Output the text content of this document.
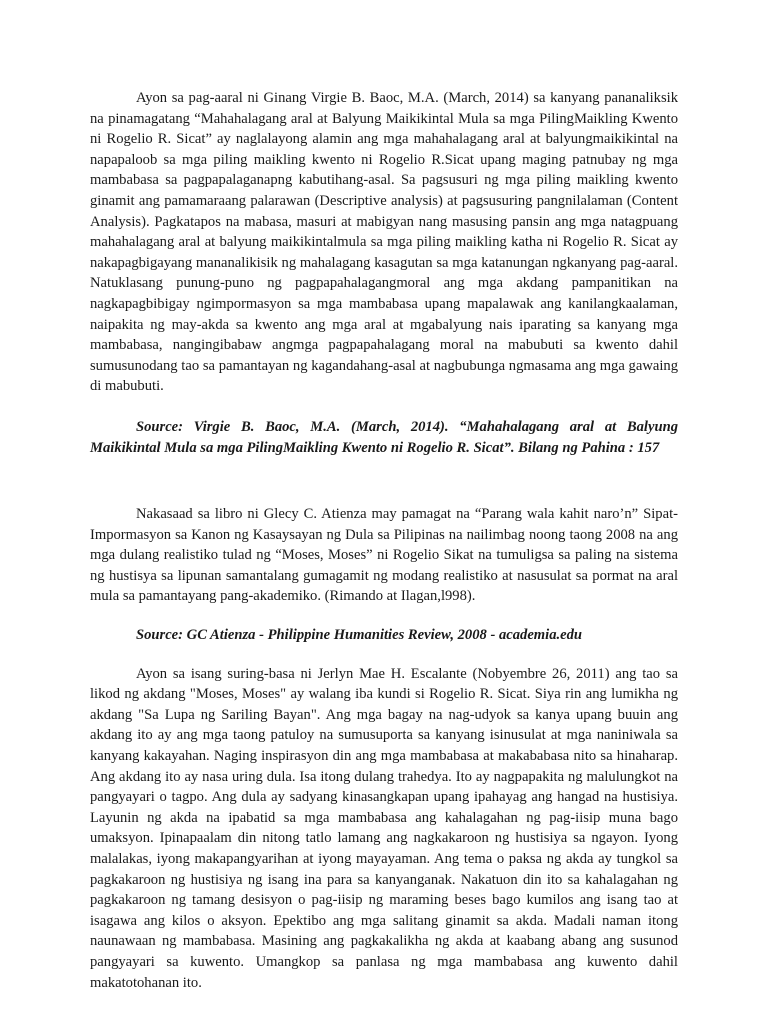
Ayon sa pag-aaral ni Ginang Virgie B. Baoc, M.A. (March, 2014) sa kanyang pananaliksik na pinamagatang “Mahahalagang aral at Balyung Maikikintal Mula sa mga PilingMaikling Kwento ni Rogelio R. Sicat” ay naglalayong alamin ang mga mahahalagang aral at balyungmaikikintal na napapaloob sa mga piling maikling kwento ni Rogelio R.Sicat upang maging patnubay ng mga mambabasa sa pagpapalaganapng kabutihang-asal. Sa pagsusuri ng mga piling maikling kwento ginamit ang pamamaraang palarawan (Descriptive analysis) at pagsusuring pangnilalaman (Content Analysis). Pagkatapos na mabasa, masuri at mabigyan nang masusing pansin ang mga natagpuang mahahalagang aral at balyung maikikintalmula sa mga piling maikling katha ni Rogelio R. Sicat ay nakapagbigayang mananalikisik ng mahalagang kasagutan sa mga katanungan ngkanyang pag-aaral. Natuklasang punung-puno ng pagpapahalagangmoral ang mga akdang pampanitikan na nagkapagbibigay ngimpormasyon sa mga mambabasa upang mapalawak ang kanilangkaalaman, naipakita ng may-akda sa kwento ang mga aral at mgabalyung nais iparating sa kanyang mga mambabasa, nangingibabaw angmga pagpapahalagang moral na mabubuti sa kwento dahil sumusunodang tao sa pamantayan ng kagandahang-asal at nagbubunga ngmasama ang mga gawaing di mabubuti.

Source: Virgie B. Baoc, M.A. (March, 2014). “Mahahalagang aral at Balyung Maikikintal Mula sa mga PilingMaikling Kwento ni Rogelio R. Sicat”. Bilang ng Pahina : 157

Nakasaad sa libro ni Glecy C. Atienza may pamagat na “Parang wala kahit naro’n” Sipat-Impormasyon sa Kanon ng Kasaysayan ng Dula sa Pilipinas na nailimbag noong taong 2008 na ang mga dulang realistiko tulad ng “Moses, Moses” ni Rogelio Sikat na tumuligsa sa paling na sistema ng hustisya sa lipunan samantalang gumagamit ng modang realistiko at nasusulat sa pormat na aral mula sa pamantayang pang-akademiko. (Rimando at Ilagan,l998).

Source: GC Atienza - Philippine Humanities Review, 2008 - academia.edu

Ayon sa isang suring-basa ni Jerlyn Mae H. Escalante (Nobyembre 26, 2011) ang tao sa likod ng akdang "Moses, Moses" ay walang iba kundi si Rogelio R. Sicat. Siya rin ang lumikha ng akdang "Sa Lupa ng Sariling Bayan". Ang mga bagay na nag-udyok sa kanya upang buuin ang akdang ito ay ang mga taong patuloy na sumusuporta sa kanyang isinusulat at mga naniniwala sa kanyang kakayahan. Naging inspirasyon din ang mga mambabasa at makababasa nito sa hinaharap. Ang akdang ito ay nasa uring dula. Isa itong dulang trahedya. Ito ay nagpapakita ng malulungkot na pangyayari o tagpo. Ang dula ay sadyang kinasangkapan upang ipahayag ang hangad na hustisiya. Layunin ng akda na ipabatid sa mga mambabasa ang kahalagahan ng pag-iisip muna bago umaksyon. Ipinapaalam din nitong tatlo lamang ang nagkakaroon ng hustisiya sa ngayon. Iyong malalakas, iyong makapangyarihan at iyong mayayaman. Ang tema o paksa ng akda ay tungkol sa pagkakaroon ng hustisiya ng isang ina para sa kanyanganak. Nakatuon din ito sa kahalagahan ng pagkakaroon ng tamang desisyon o pag-iisip ng maraming beses bago kumilos ang isang tao at isagawa ang kilos o aksyon. Epektibo ang mga salitang ginamit sa akda. Madali naman itong naunawaan ng mambabasa. Masining ang pagkakalikha ng akda at kaabang abang ang susunod pangyayari sa kuwento. Umangkop sa panlasa ng mga mambabasa ang kuwento dahil makatotohanan ito.
